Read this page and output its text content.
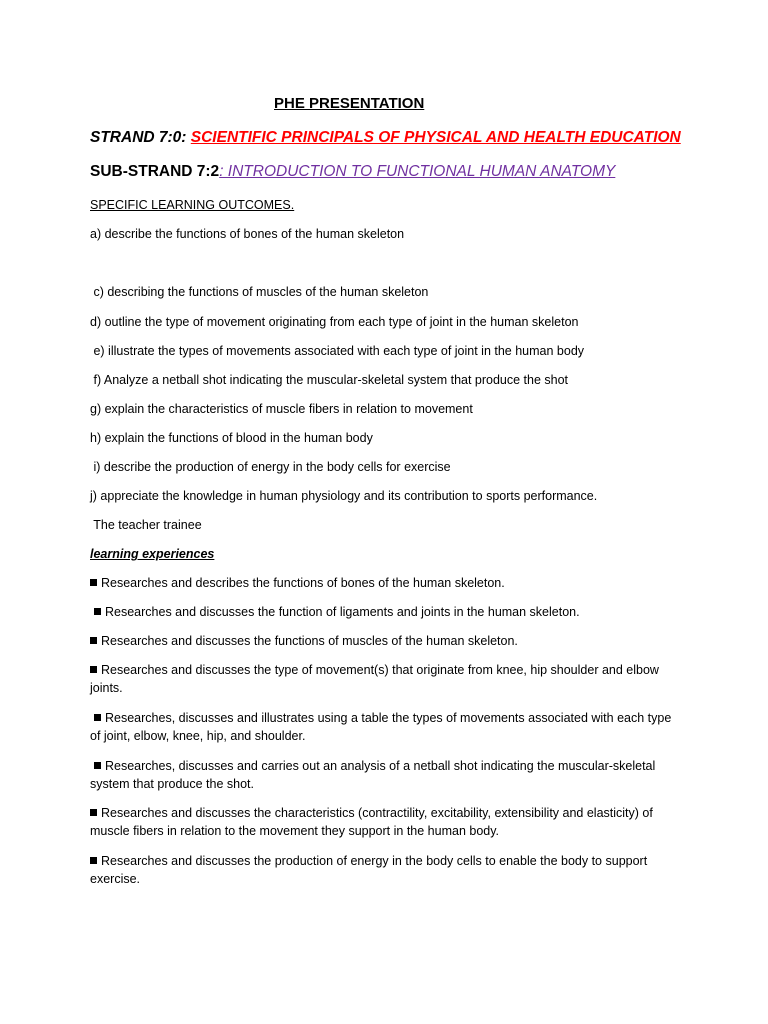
PHE PRESENTATION
STRAND 7:0: SCIENTIFIC PRINCIPALS OF PHYSICAL AND HEALTH EDUCATION
SUB-STRAND 7:2: INTRODUCTION TO FUNCTIONAL HUMAN ANATOMY
SPECIFIC LEARNING OUTCOMES.
a) describe the functions of bones of the human skeleton
c) describing the functions of muscles of the human skeleton
d) outline the type of movement originating from each type of joint in the human skeleton
e) illustrate the types of movements associated with each type of joint in the human body
f) Analyze a netball shot indicating the muscular-skeletal system that produce the shot
g) explain the characteristics of muscle fibers in relation to movement
h) explain the functions of blood in the human body
i) describe the production of energy in the body cells for exercise
j) appreciate the knowledge in human physiology and its contribution to sports performance.
The teacher trainee
learning experiences
Researches and describes the functions of bones of the human skeleton.
Researches and discusses the function of ligaments and joints in the human skeleton.
Researches and discusses the functions of muscles of the human skeleton.
Researches and discusses the type of movement(s) that originate from knee, hip shoulder and elbow joints.
Researches, discusses and illustrates using a table the types of movements associated with each type of joint, elbow, knee, hip, and shoulder.
Researches, discusses and carries out an analysis of a netball shot indicating the muscular-skeletal system that produce the shot.
Researches and discusses the characteristics (contractility, excitability, extensibility and elasticity) of muscle fibers in relation to the movement they support in the human body.
Researches and discusses the production of energy in the body cells to enable the body to support exercise.
